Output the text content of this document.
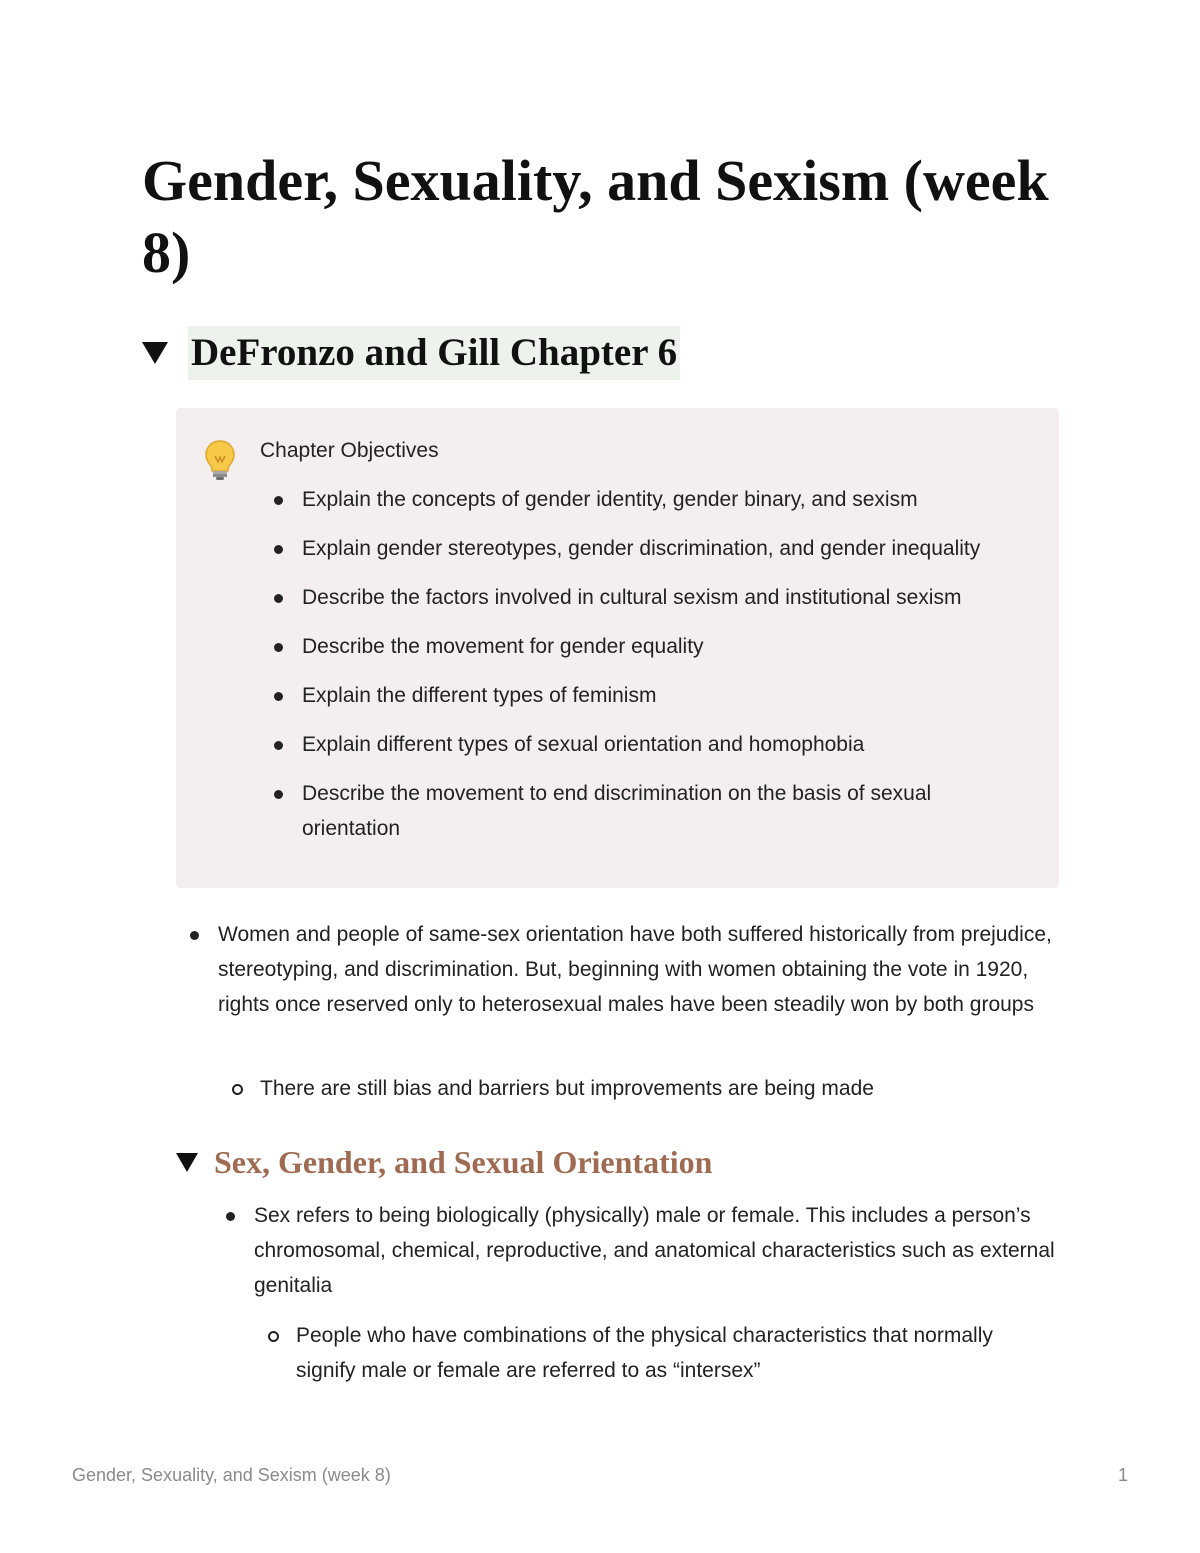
Gender, Sexuality, and Sexism (week 8)
DeFronzo and Gill Chapter 6
Chapter Objectives
Explain the concepts of gender identity, gender binary, and sexism
Explain gender stereotypes, gender discrimination, and gender inequality
Describe the factors involved in cultural sexism and institutional sexism
Describe the movement for gender equality
Explain the different types of feminism
Explain different types of sexual orientation and homophobia
Describe the movement to end discrimination on the basis of sexual orientation
Women and people of same-sex orientation have both suffered historically from prejudice, stereotyping, and discrimination. But, beginning with women obtaining the vote in 1920, rights once reserved only to heterosexual males have been steadily won by both groups
There are still bias and barriers but improvements are being made
Sex, Gender, and Sexual Orientation
Sex refers to being biologically (physically) male or female. This includes a person’s chromosomal, chemical, reproductive, and anatomical characteristics such as external genitalia
People who have combinations of the physical characteristics that normally signify male or female are referred to as “intersex”
Gender, Sexuality, and Sexism (week 8)	1
